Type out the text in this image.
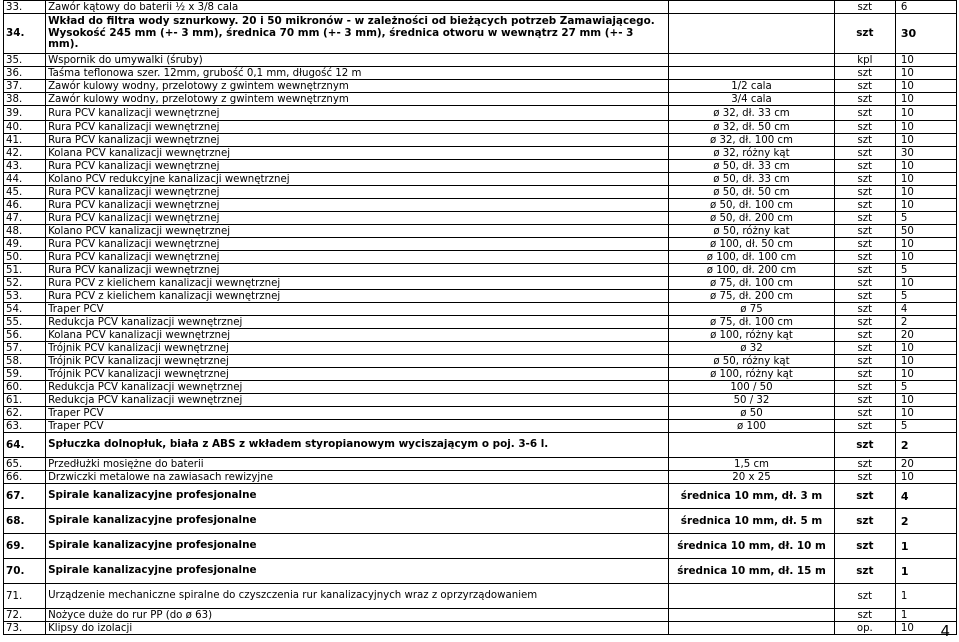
33.	Zawór kątowy do baterii ½ x 3/8 cala		szt	6
34.	Wkład do filtra wody sznurkowy. 20 i 50 mikronów - w zależności od bieżących potrzeb Zamawiającego. Wysokość 245 mm (+- 3 mm), średnica 70 mm (+- 3 mm), średnica otworu w wewnątrz 27 mm (+- 3 mm).		szt	30
35.	Wspornik do umywalki (śruby)		kpl	10
36.	Taśma teflonowa szer. 12mm, grubość 0,1 mm, długość 12 m		szt	10
37.	Zawór kulowy wodny, przelotowy z gwintem wewnętrznym	1/2 cala	szt	10
38.	Zawór kulowy wodny, przelotowy z gwintem wewnętrznym	3/4 cala	szt	10
39.	Rura PCV kanalizacji wewnętrznej	ø 32, dł. 33 cm	szt	10
40.	Rura PCV kanalizacji wewnętrznej	ø 32, dł. 50 cm	szt	10
41.	Rura PCV kanalizacji wewnętrznej	ø 32, dł. 100 cm	szt	10
42.	Kolana PCV kanalizacji wewnętrznej	ø 32, różny kąt	szt	30
43.	Rura PCV kanalizacji wewnętrznej	ø 50, dł. 33 cm	szt	10
44.	Kolano PCV redukcyjne kanalizacji wewnętrznej	ø 50, dł. 33 cm	szt	10
45.	Rura PCV kanalizacji wewnętrznej	ø 50, dł. 50 cm	szt	10
46.	Rura PCV kanalizacji wewnętrznej	ø 50, dł. 100 cm	szt	10
47.	Rura PCV kanalizacji wewnętrznej	ø 50, dł. 200 cm	szt	5
48.	Kolano PCV kanalizacji wewnętrznej	ø 50, różny kat	szt	50
49.	Rura PCV kanalizacji wewnętrznej	ø 100, dł. 50 cm	szt	10
50.	Rura PCV kanalizacji wewnętrznej	ø 100, dł. 100 cm	szt	10
51.	Rura PCV kanalizacji wewnętrznej	ø 100, dł. 200 cm	szt	5
52.	Rura PCV z kielichem kanalizacji wewnętrznej	ø 75, dł. 100 cm	szt	10
53.	Rura PCV z kielichem kanalizacji wewnętrznej	ø 75, dł. 200 cm	szt	5
54.	Traper PCV	ø 75	szt	4
55.	Redukcja PCV kanalizacji wewnętrznej	ø 75, dł. 100 cm	szt	2
56.	Kolana PCV kanalizacji wewnętrznej	ø 100, różny kąt	szt	20
57.	Trójnik PCV kanalizacji wewnętrznej	ø 32	szt	10
58.	Trójnik PCV kanalizacji wewnętrznej	ø 50, różny kąt	szt	10
59.	Trójnik PCV kanalizacji wewnętrznej	ø 100, różny kąt	szt	10
60.	Redukcja PCV kanalizacji wewnętrznej	100 / 50	szt	5
61.	Redukcja PCV kanalizacji wewnętrznej	50 / 32	szt	10
62.	Traper PCV	ø 50	szt	10
63.	Traper PCV	ø 100	szt	5
64.	Spłuczka dolnopłuk, biała z ABS z wkładem styropianowym wyciszającym o poj. 3-6 l.		szt	2
65.	Przedłużki mosiężne do baterii	1,5 cm	szt	20
66.	Drzwiczki metalowe na zawiasach rewizyjne	20 x 25	szt	10
67.	Spirale kanalizacyjne profesjonalne	średnica 10 mm, dł. 3 m	szt	4
68.	Spirale kanalizacyjne profesjonalne	średnica 10 mm, dł. 5 m	szt	2
69.	Spirale kanalizacyjne profesjonalne	średnica 10 mm, dł. 10 m	szt	1
70.	Spirale kanalizacyjne profesjonalne	średnica 10 mm, dł. 15 m	szt	1
71.	Urządzenie mechaniczne spiralne do czyszczenia rur kanalizacyjnych wraz z oprzyrządowaniem		szt	1
72.	Nożyce duże do rur PP (do ø 63)		szt	1
73.	Klipsy do izolacji		op.	10 4
